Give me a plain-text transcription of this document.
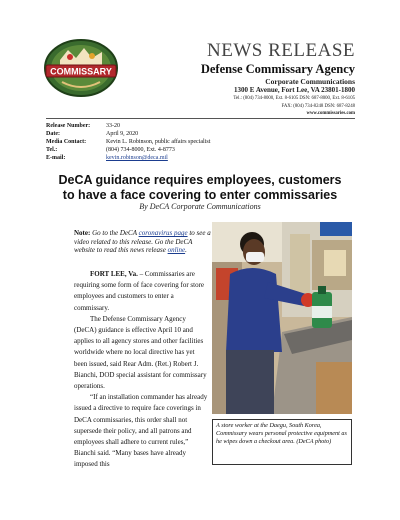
COMMISSARY
NEWS RELEASE
Defense Commissary Agency
Corporate Communications
1300 E Avenue, Fort Lee, VA 23801-1800
Tel.: (804) 734-8000, Ext. 8-6105 DSN: 687-8000, Ext. 8-6105
FAX: (804) 734-8248 DSN: 687-8248
www.commissaries.com
Release Number:	33-20
Date:	April 9, 2020
Media Contact:	Kevin L. Robinson, public affairs specialist
Tel.:	(804) 734-8000, Ext. 4-8773
E-mail:	kevin.robinson@deca.mil
DeCA guidance requires employees, customers
to have a face covering to enter commissaries
By DeCA Corporate Communications
Note: Go to the DeCA coronavirus page to see a video related to this release. Go the DeCA website to read this news release online.

FORT LEE, Va. – Commissaries are requiring some form of face covering for store employees and customers to enter a commissary.

The Defense Commissary Agency (DeCA) guidance is effective April 10 and applies to all agency stores and other facilities worldwide where no local directive has yet been issued, said Rear Adm. (Ret.) Robert J. Bianchi, DOD special assistant for commissary operations.

“If an installation commander has already issued a directive to require face coverings in DeCA commissaries, this order shall not supersede their policy, and all patrons and employees shall adhere to current rules,” Bianchi said. “Many bases have already imposed this

A store worker at the Daegu, South Korea, Commissary wears personal protective equipment as he wipes down a checkout area. (DeCA photo)
